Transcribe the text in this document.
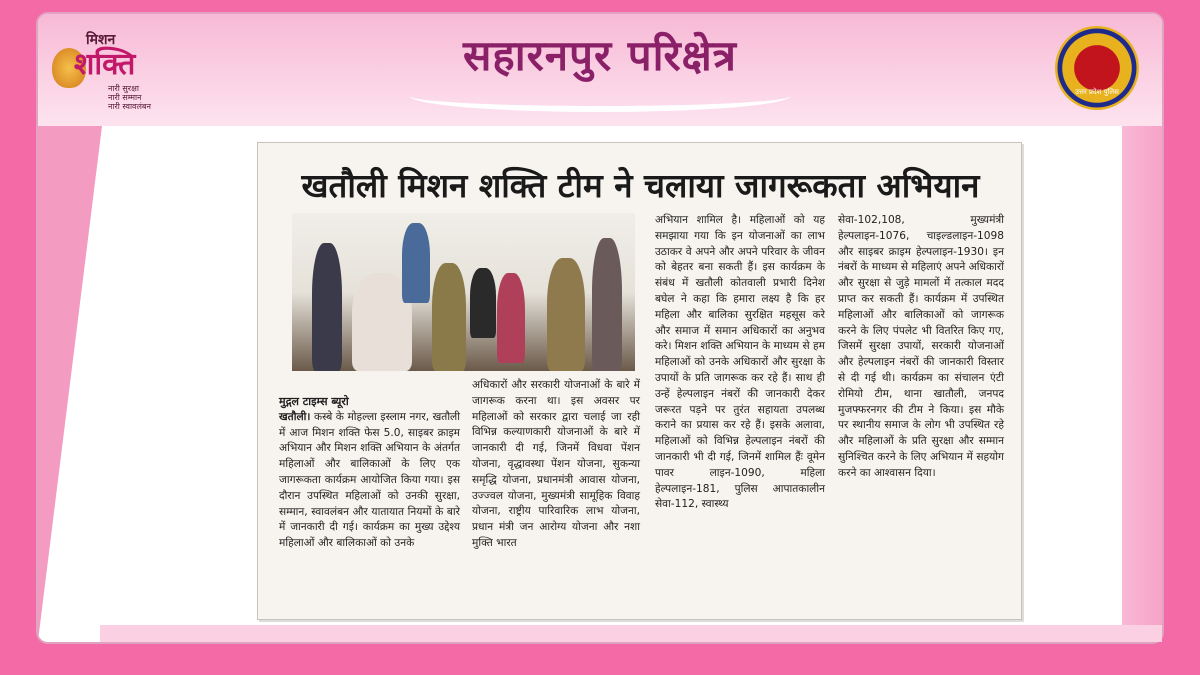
मिशन
शक्ति
नारी सुरक्षा
नारी सम्मान
नारी स्वावलंबन
सहारनपुर परिक्षेत्र
उत्तर प्रदेश पुलिस
खतौली मिशन शक्ति टीम ने चलाया जागरूकता अभियान
मुद्गल टाइम्स ब्यूरो
खतौली। कस्बे के मोहल्ला इस्लाम नगर, खतौली में आज मिशन शक्ति फेस 5.0, साइबर क्राइम अभियान और मिशन शक्ति अभियान के अंतर्गत महिलाओं और बालिकाओं के लिए एक जागरूकता कार्यक्रम आयोजित किया गया। इस दौरान उपस्थित महिलाओं को उनकी सुरक्षा, सम्मान, स्वावलंबन और यातायात नियमों के बारे में जानकारी दी गई। कार्यक्रम का मुख्य उद्देश्य महिलाओं और बालिकाओं को उनके
अधिकारों और सरकारी योजनाओं के बारे में जागरूक करना था। इस अवसर पर महिलाओं को सरकार द्वारा चलाई जा रही विभिन्न कल्याणकारी योजनाओं के बारे में जानकारी दी गई, जिनमें विधवा पेंशन योजना, वृद्धावस्था पेंशन योजना, सुकन्या समृद्धि योजना, प्रधानमंत्री आवास योजना, उज्ज्वल योजना, मुख्यमंत्री सामूहिक विवाह योजना, राष्ट्रीय पारिवारिक लाभ योजना, प्रधान मंत्री जन आरोग्य योजना और नशा मुक्ति भारत
अभियान शामिल है। महिलाओं को यह समझाया गया कि इन योजनाओं का लाभ उठाकर वे अपने और अपने परिवार के जीवन को बेहतर बना सकती हैं। इस कार्यक्रम के संबंध में खतौली कोतवाली प्रभारी दिनेश बघेल ने कहा कि हमारा लक्ष्य है कि हर महिला और बालिका सुरक्षित महसूस करे और समाज में समान अधिकारों का अनुभव करे। मिशन शक्ति अभियान के माध्यम से हम महिलाओं को उनके अधिकारों और सुरक्षा के उपायों के प्रति जागरूक कर रहे हैं। साथ ही उन्हें हेल्पलाइन नंबरों की जानकारी देकर जरूरत पड़ने पर तुरंत सहायता उपलब्ध कराने का प्रयास कर रहे हैं। इसके अलावा, महिलाओं को विभिन्न हेल्पलाइन नंबरों की जानकारी भी दी गई, जिनमें शामिल हैंः वूमेन पावर लाइन-1090, महिला हेल्पलाइन-181, पुलिस आपातकालीन सेवा-112, स्वास्थ्य
सेवा-102,108, मुख्यमंत्री हेल्पलाइन-1076, चाइल्डलाइन-1098 और साइबर क्राइम हेल्पलाइन-1930। इन नंबरों के माध्यम से महिलाएं अपने अधिकारों और सुरक्षा से जुड़े मामलों में तत्काल मदद प्राप्त कर सकती हैं। कार्यक्रम में उपस्थित महिलाओं और बालिकाओं को जागरूक करने के लिए पंपलेट भी वितरित किए गए, जिसमें सुरक्षा उपायों, सरकारी योजनाओं और हेल्पलाइन नंबरों की जानकारी विस्तार से दी गई थी। कार्यक्रम का संचालन एंटी रोमियो टीम, थाना खातौली, जनपद मुजफ्फरनगर की टीम ने किया। इस मौके पर स्थानीय समाज के लोग भी उपस्थित रहे और महिलाओं के प्रति सुरक्षा और सम्मान सुनिश्चित करने के लिए अभियान में सहयोग करने का आश्वासन दिया।
